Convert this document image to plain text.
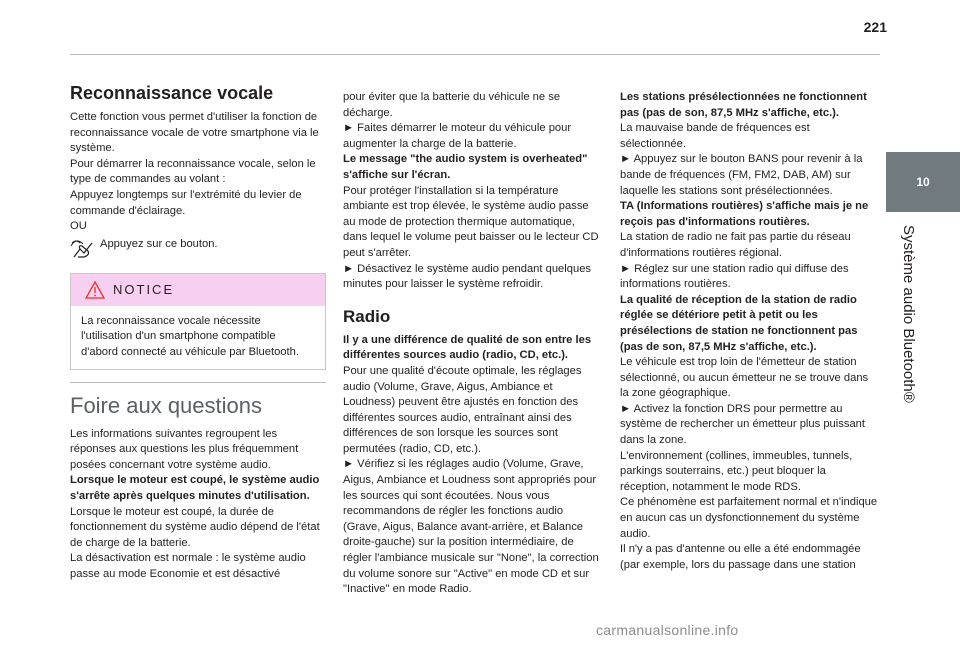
221
10
Système audio Bluetooth®
Reconnaissance vocale

Cette fonction vous permet d'utiliser la fonction de reconnaissance vocale de votre smartphone via le système.

Pour démarrer la reconnaissance vocale, selon le type de commandes au volant :

Appuyez longtemps sur l'extrémité du levier de commande d'éclairage.

OU

Appuyez sur ce bouton.

NOTICE
La reconnaissance vocale nécessite l'utilisation d'un smartphone compatible d'abord connecté au véhicule par Bluetooth.
Foire aux questions

Les informations suivantes regroupent les réponses aux questions les plus fréquemment posées concernant votre système audio.

Lorsque le moteur est coupé, le système audio s'arrête après quelques minutes d'utilisation.

Lorsque le moteur est coupé, la durée de fonctionnement du système audio dépend de l'état de charge de la batterie.

La désactivation est normale : le système audio passe au mode Economie et est désactivé

pour éviter que la batterie du véhicule ne se décharge.

► Faites démarrer le moteur du véhicule pour augmenter la charge de la batterie.

Le message "the audio system is overheated" s'affiche sur l'écran.

Pour protéger l'installation si la température ambiante est trop élevée, le système audio passe au mode de protection thermique automatique, dans lequel le volume peut baisser ou le lecteur CD peut s'arrêter.

► Désactivez le système audio pendant quelques minutes pour laisser le système refroidir.

Radio

Il y a une différence de qualité de son entre les différentes sources audio (radio, CD, etc.).

Pour une qualité d'écoute optimale, les réglages audio (Volume, Grave, Aigus, Ambiance et Loudness) peuvent être ajustés en fonction des différentes sources audio, entraînant ainsi des différences de son lorsque les sources sont permutées (radio, CD, etc.).

► Vérifiez si les réglages audio (Volume, Grave, Aigus, Ambiance et Loudness sont appropriés pour les sources qui sont écoutées. Nous vous recommandons de régler les fonctions audio (Grave, Aigus, Balance avant-arrière, et Balance droite-gauche) sur la position intermédiaire, de régler l'ambiance musicale sur "None", la correction du volume sonore sur "Active" en mode CD et sur "Inactive" en mode Radio.

Les stations présélectionnées ne fonctionnent pas (pas de son, 87,5 MHz s'affiche, etc.).

La mauvaise bande de fréquences est sélectionnée.

► Appuyez sur le bouton BANS pour revenir à la bande de fréquences (FM, FM2, DAB, AM) sur laquelle les stations sont présélectionnées.

TA (Informations routières) s'affiche mais je ne reçois pas d'informations routières.

La station de radio ne fait pas partie du réseau d'informations routières régional.

► Réglez sur une station radio qui diffuse des informations routières.

La qualité de réception de la station de radio réglée se détériore petit à petit ou les présélections de station ne fonctionnent pas (pas de son, 87,5 MHz s'affiche, etc.).

Le véhicule est trop loin de l'émetteur de station sélectionné, ou aucun émetteur ne se trouve dans la zone géographique.

► Activez la fonction DRS pour permettre au système de rechercher un émetteur plus puissant dans la zone.

L'environnement (collines, immeubles, tunnels, parkings souterrains, etc.) peut bloquer la réception, notamment le mode RDS.

Ce phénomène est parfaitement normal et n'indique en aucun cas un dysfonctionnement du système audio.

Il n'y a pas d'antenne ou elle a été endommagée (par exemple, lors du passage dans une station

carmanualsonline.info
